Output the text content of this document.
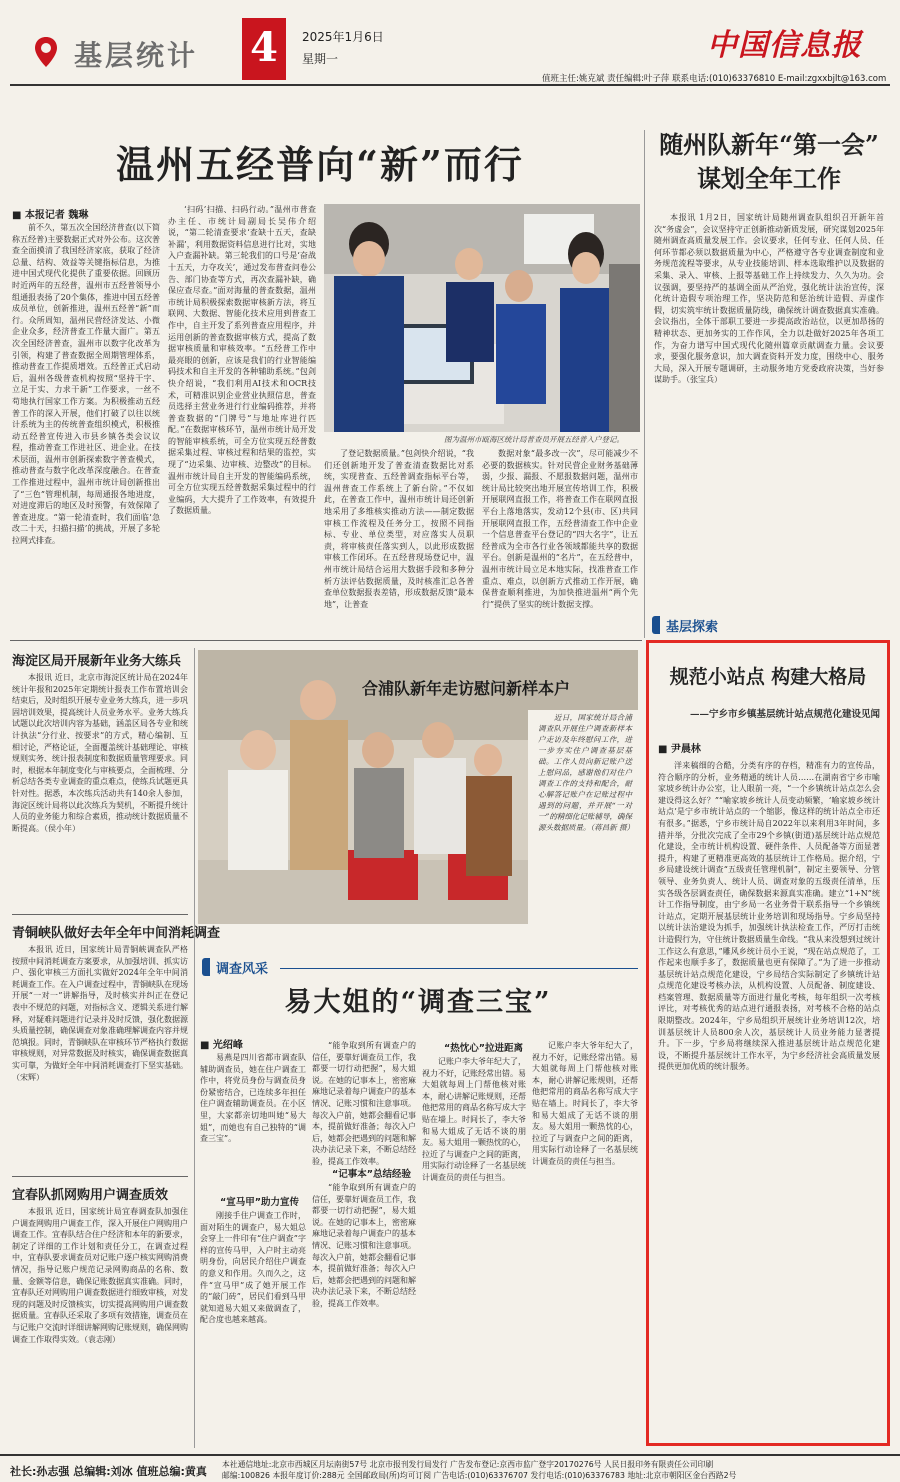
基层统计 4	2025年1月6日
星期一	中国信息报
值班主任:姚克斌 责任编辑:叶子萍 联系电话:(010)63376810 E-mail:zgxxbjlt@163.com
温州五经普向“新”而行
■ 本报记者 魏琳

前不久，第五次全国经济普查(以下简称五经普)主要数据正式对外公布。这次普查全面摸清了我国经济家底，获取了经济总量、结构、效益等关键指标信息，为推进中国式现代化提供了重要依据。回顾历时近两年的五经普，温州市五经普领导小组通报表扬了20个集体，推进中国五经普成员单位，创新推进，温州五经普“新”而行。众所周知，温州民营经济发达、小微企业众多，经济普查工作量大面广。第五次全国经济普查，温州市以数字化改革为引领，构建了普查数据全周期管理体系，推动普查工作提质增效。五经普正式启动后，温州各级普查机构按照“坚持干字、立足于实、力求干新”工作要求，一丝不苟地执行国家工作方案。为积极推动五经普工作的深入开展，他们打破了以往以统计系统为主的传统普查组织模式，积极推动五经普宣传进入市县乡镇各类会议议程，推动普查工作进社区、进企业。在技术层面，温州市创新探索数字普查模式，推动普查与数字化改革深度融合。在普查工作推进过程中，温州市统计局创新推出了“三色”管理机制，每周通报各地进度，对进度滞后的地区及时预警，有效保障了普查进度。“第一轮清查时，我们面临‘急改二十天，扫描扫描’的挑战，开展了多轮拉网式排查。

‘扫码’扫描、扫码行动。”温州市普查办主任、市统计局副局长吴伟介绍说，“第二轮清查要求‘查缺十五天，查缺补漏’，利用数据资料信息进行比对，实地入户查漏补缺。第三轮我们的口号是‘奋战十五天，力夺攻关’，通过发布普查问卷公告、部门协查等方式，再次查漏补缺，确保应查尽查。”面对海量的普查数据，温州市统计局积极探索数据审核新方法，将互联网、大数据、智能化技术应用到普查工作中，自主开发了系列普查应用程序，并运用创新的普查数据审核方式，提高了数据审核质量和审核效率。“五经普工作中最亮眼的创新，应该是我们的行业智能编码技术和自主开发的各种辅助系统。”包剑快介绍说，“我们利用AI技术和OCR技术，可精准识别企业营业执照信息，普查员选择主营业务进行行业编码推荐，并将普查数据的“门牌号”与地址库进行匹配。”在数据审核环节，温州市统计局开发的智能审核系统，可全方位实现五经普数据采集过程、审核过程和结果的监控，实现了“边采集、边审核、边整改”的目标。温州市统计局自主开发的智能编码系统，可全方位实现五经普数据采集过程中的行业编码，大大提升了工作效率，有效提升了数据质量。

图为温州市瓯海区统计局普查员开展五经普入户登记。

了登记数据质量。”包剑快介绍说，“我们还创新地开发了普查清查数据比对系统，实现普查、五经普调查指标平台等，温州普查工作系统上了新台阶。”不仅如此，在普查工作中，温州市统计局还创新地采用了多维核实推动方法——制定数据审核工作流程及任务分工，按照不同指标、专业、单位类型，对应落实人员职责，将审核责任落实到人，以此形成数据审核工作闭环。在五经普现场登记中，温州市统计局结合运用大数据手段和多种分析方法评估数据质量，及时核准汇总各普查单位数据报表差错，形成数据反馈“最本地”，让普查

数据对象“最多改一次”，尽可能减少不必要的数据核实。针对民营企业财务基础薄弱，少报、漏报、不愿报数据问题，温州市统计局比较突出地开展宣传培训工作，积极开展联网直报工作，将普查工作在联网直报平台上落地落实，发动12个县(市、区)共同开展联网直报工作，五经普清查工作中企业一个信息普查平台登记的“四大名字”，让五经普成为全市各行业各领域都能共享的数据平台。创新是温州的“名片”，在五经普中，温州市统计局立足本地实际，找准普查工作重点、难点，以创新方式推动工作开展，确保普查顺利推进，为加快推进温州“两个先行”提供了坚实的统计数据支撑。

随州队新年“第一会”
谋划全年工作

本报讯 1月2日，国家统计局随州调查队组织召开新年首次“务虚会”，会议坚持守正创新推动新质发展，研究谋划2025年随州调查高质量发展工作。会议要求，任何专业、任何人员、任何环节都必须以数据质量为中心，严格遵守各专业调查制度和业务规范流程等要求，从专业技能培训、样本选取维护以及数据的采集、录入、审核、上报等基础工作上持续发力、久久为功。会议强调，要坚持严的基调全面从严治党，强化统计法治宣传，深化统计造假专项治理工作，坚决防范和惩治统计造假、弄虚作假，切实筑牢统计数据质量防线，确保统计调查数据真实准确。会议指出，全体干部职工要进一步提高政治站位，以更加昂扬的精神状态、更加务实的工作作风，全力以赴做好2025年各项工作，为奋力谱写中国式现代化随州篇章贡献调查力量。会议要求，要强化服务意识，加大调查资料开发力度，围绕中心、服务大局，深入开展专题调研，主动服务地方党委政府决策，当好参谋助手。（张宝兵）

海淀区局开展新年业务大练兵

本报讯 近日，北京市海淀区统计局在2024年统计年报和2025年定期统计报表工作布置培训会结束后，及时组织开展专业业务大练兵，进一步巩固培训效果，提高统计人员业务水平。业务大练兵试题以此次培训内容为基础，涵盖区局各专业和统计执法“分行业、按要求”的方式，精心编制、互相讨论，严格论证，全面覆盖统计基础理论、审核规则实务、统计报表制度和数据质量管理要求。同时，根据本年制度变化与审核要点，全面梳理、分析总结各类专业调查的重点难点，使练兵试题更具针对性。据悉，本次练兵活动共有140余人参加，海淀区统计局将以此次练兵为契机，不断提升统计人员的业务能力和综合素质，推动统计数据质量不断提高。（侯小年）

青铜峡队做好去年全年中间消耗调查

本报讯 近日，国家统计局青铜峡调查队严格按照中间消耗调查方案要求，从加强培训、抓实访户、强化审核三方面扎实做好2024年全年中间消耗调查工作。在入户调查过程中，青铜峡队在现场开展“一对一”讲解指导，及时核实并纠正在登记表中不规范的问题，对指标含义、逻辑关系进行解释，对疑难问题进行记录并及时反馈，强化数据源头质量控制，确保调查对象准确理解调查内容并规范填报。同时，青铜峡队在审核环节严格执行数据审核规则，对异常数据及时核实，确保调查数据真实可靠，为做好全年中间消耗调查打下坚实基础。（宋辉）

宜春队抓网购用户调查质效

本报讯 近日，国家统计局宜春调查队加强住户调查网购用户调查工作，深入开展住户网购用户调查工作。宜春队结合住户经济和本年的新要求，制定了详细的工作计划和责任分工，在调查过程中，宜春队要求调查员对记账户逐户核实网购消费情况，指导记账户规范记录网购商品的名称、数量、金额等信息，确保记账数据真实准确。同时，宜春队还对网购用户调查数据进行细致审核，对发现的问题及时反馈核实，切实提高网购用户调查数据质量。宜春队还采取了多项有效措施，调查员在与记账户交流时详细讲解网购记账规则，确保网购调查工作取得实效。（袁志刚）

合浦队新年走访慰问新样本户

近日，国家统计局合浦调查队开展住户调查新样本户走访及年终慰问工作，进一步夯实住户调查基层基础。工作人员向新记账户送上慰问品，感谢他们对住户调查工作的支持和配合，耐心解答记账户在记账过程中遇到的问题，并开展“一对一”的精细化记账辅导，确保源头数据质量。（蒋昌新 摄）

调查风采
易大姐的“调查三宝”
■ 光绍峰

易燕是四川省都市调查队辅助调查员，她在住户调查工作中，将党员身份与调查员身份紧密结合，已连续多年担任住户调查辅助调查员。在小区里，大家都亲切地叫她“易大姐”，而她也有自己独特的“调查三宝”。

“宣马甲”助力宣传

刚接手住户调查工作时，面对陌生的调查户，易大姐总会穿上一件印有“住户调查”字样的宣传马甲，入户时主动亮明身份，向居民介绍住户调查的意义和作用。久而久之，这件“宣马甲”成了她开展工作的“敲门砖”，居民们看到马甲就知道易大姐又来做调查了，配合度也越来越高。

“能争取到所有调查户的信任，要靠好调查员工作，我都要一切行动把握”，易大姐说。在她的记事本上，密密麻麻地记录着每户调查户的基本情况、记账习惯和注意事项。每次入户前，她都会翻看记事本，提前做好准备；每次入户后，她都会把遇到的问题和解决办法记录下来，不断总结经验，提高工作效率。

“记事本”总结经验

“能争取到所有调查户的信任，要靠好调查员工作，我都要一切行动把握”，易大姐说。在她的记事本上，密密麻麻地记录着每户调查户的基本情况、记账习惯和注意事项。每次入户前，她都会翻看记事本，提前做好准备；每次入户后，她都会把遇到的问题和解决办法记录下来，不断总结经验，提高工作效率。

“热忱心”拉进距离

记账户李大爷年纪大了，视力不好，记账经常出错。易大姐就每周上门帮他核对账本，耐心讲解记账规则，还帮他把常用的商品名称写成大字贴在墙上。时间长了，李大爷和易大姐成了无话不谈的朋友。易大姐用一颗热忱的心，拉近了与调查户之间的距离，用实际行动诠释了一名基层统计调查员的责任与担当。

记账户李大爷年纪大了，视力不好，记账经常出错。易大姐就每周上门帮他核对账本，耐心讲解记账规则，还帮他把常用的商品名称写成大字贴在墙上。时间长了，李大爷和易大姐成了无话不谈的朋友。易大姐用一颗热忱的心，拉近了与调查户之间的距离，用实际行动诠释了一名基层统计调查员的责任与担当。

基层探索
规范小站点 构建大格局
——宁乡市乡镇基层统计站点规范化建设见闻
■ 尹晨林

洋来稿细的合酷，分类有序的存档，精准有力的宣传品，符合顺序的分析，业务精通的统计人员……在湖南省宁乡市喻家坡乡统计办公室，让人眼前一亮，“一个乡镇统计站点怎么会建设得这么好？”“喻家坡乡统计人员变动频繁，‘喻家坡乡统计站点’是宁乡市统计站点的一个缩影，像这样的统计站点全市还有很多。”据悉，宁乡市统计局自2022年以来利用3年时间，多措并举，分批次完成了全市29个乡镇(街道)基层统计站点规范化建设，全市统计机构设置、硬件条件、人员配备等方面显著提升，构建了更精准更高效的基层统计工作格局。据介绍，宁乡局建设统计调查“五级责任管理机制”，制定主要领导、分管领导、业务负责人、统计人员、调查对象的五级责任清单，压实各级各层调查责任，确保数据来源真实准确。建立“1+N”统计工作指导制度，由宁乡局一名业务骨干联系指导一个乡镇统计站点，定期开展基层统计业务培训和现场指导。宁乡局坚持以统计法治建设为抓手，加强统计执法检查工作，严厉打击统计造假行为，守住统计数据质量生命线。“我从来没想到过统计工作这么有意思，”雕风乡统计员小王说，“现在站点规范了，工作起来也顺手多了，数据质量也更有保障了。”为了进一步推动基层统计站点规范化建设，宁乡局结合实际制定了乡镇统计站点规范化建设考核办法，从机构设置、人员配备、制度建设、档案管理、数据质量等方面进行量化考核，每年组织一次考核评比，对考核优秀的站点进行通报表扬，对考核不合格的站点限期整改。2024年，宁乡局组织开展统计业务培训12次，培训基层统计人员800余人次，基层统计人员业务能力显著提升。下一步，宁乡局将继续深入推进基层统计站点规范化建设，不断提升基层统计工作水平，为宁乡经济社会高质量发展提供更加优质的统计服务。

社长:孙志强 总编辑:刘冰 值班总编:黄真
本社通信地址:北京市西城区月坛南街57号 北京市报刊发行局发行 广告发布登记:京西市监广登字20170276号 人民日报印务有限责任公司印刷
邮编:100826 本报年度订价:288元 全国邮政局(所)均可订阅 广告电话:(010)63376707 发行电话:(010)63376783 地址:北京市朝阳区金台西路2号
